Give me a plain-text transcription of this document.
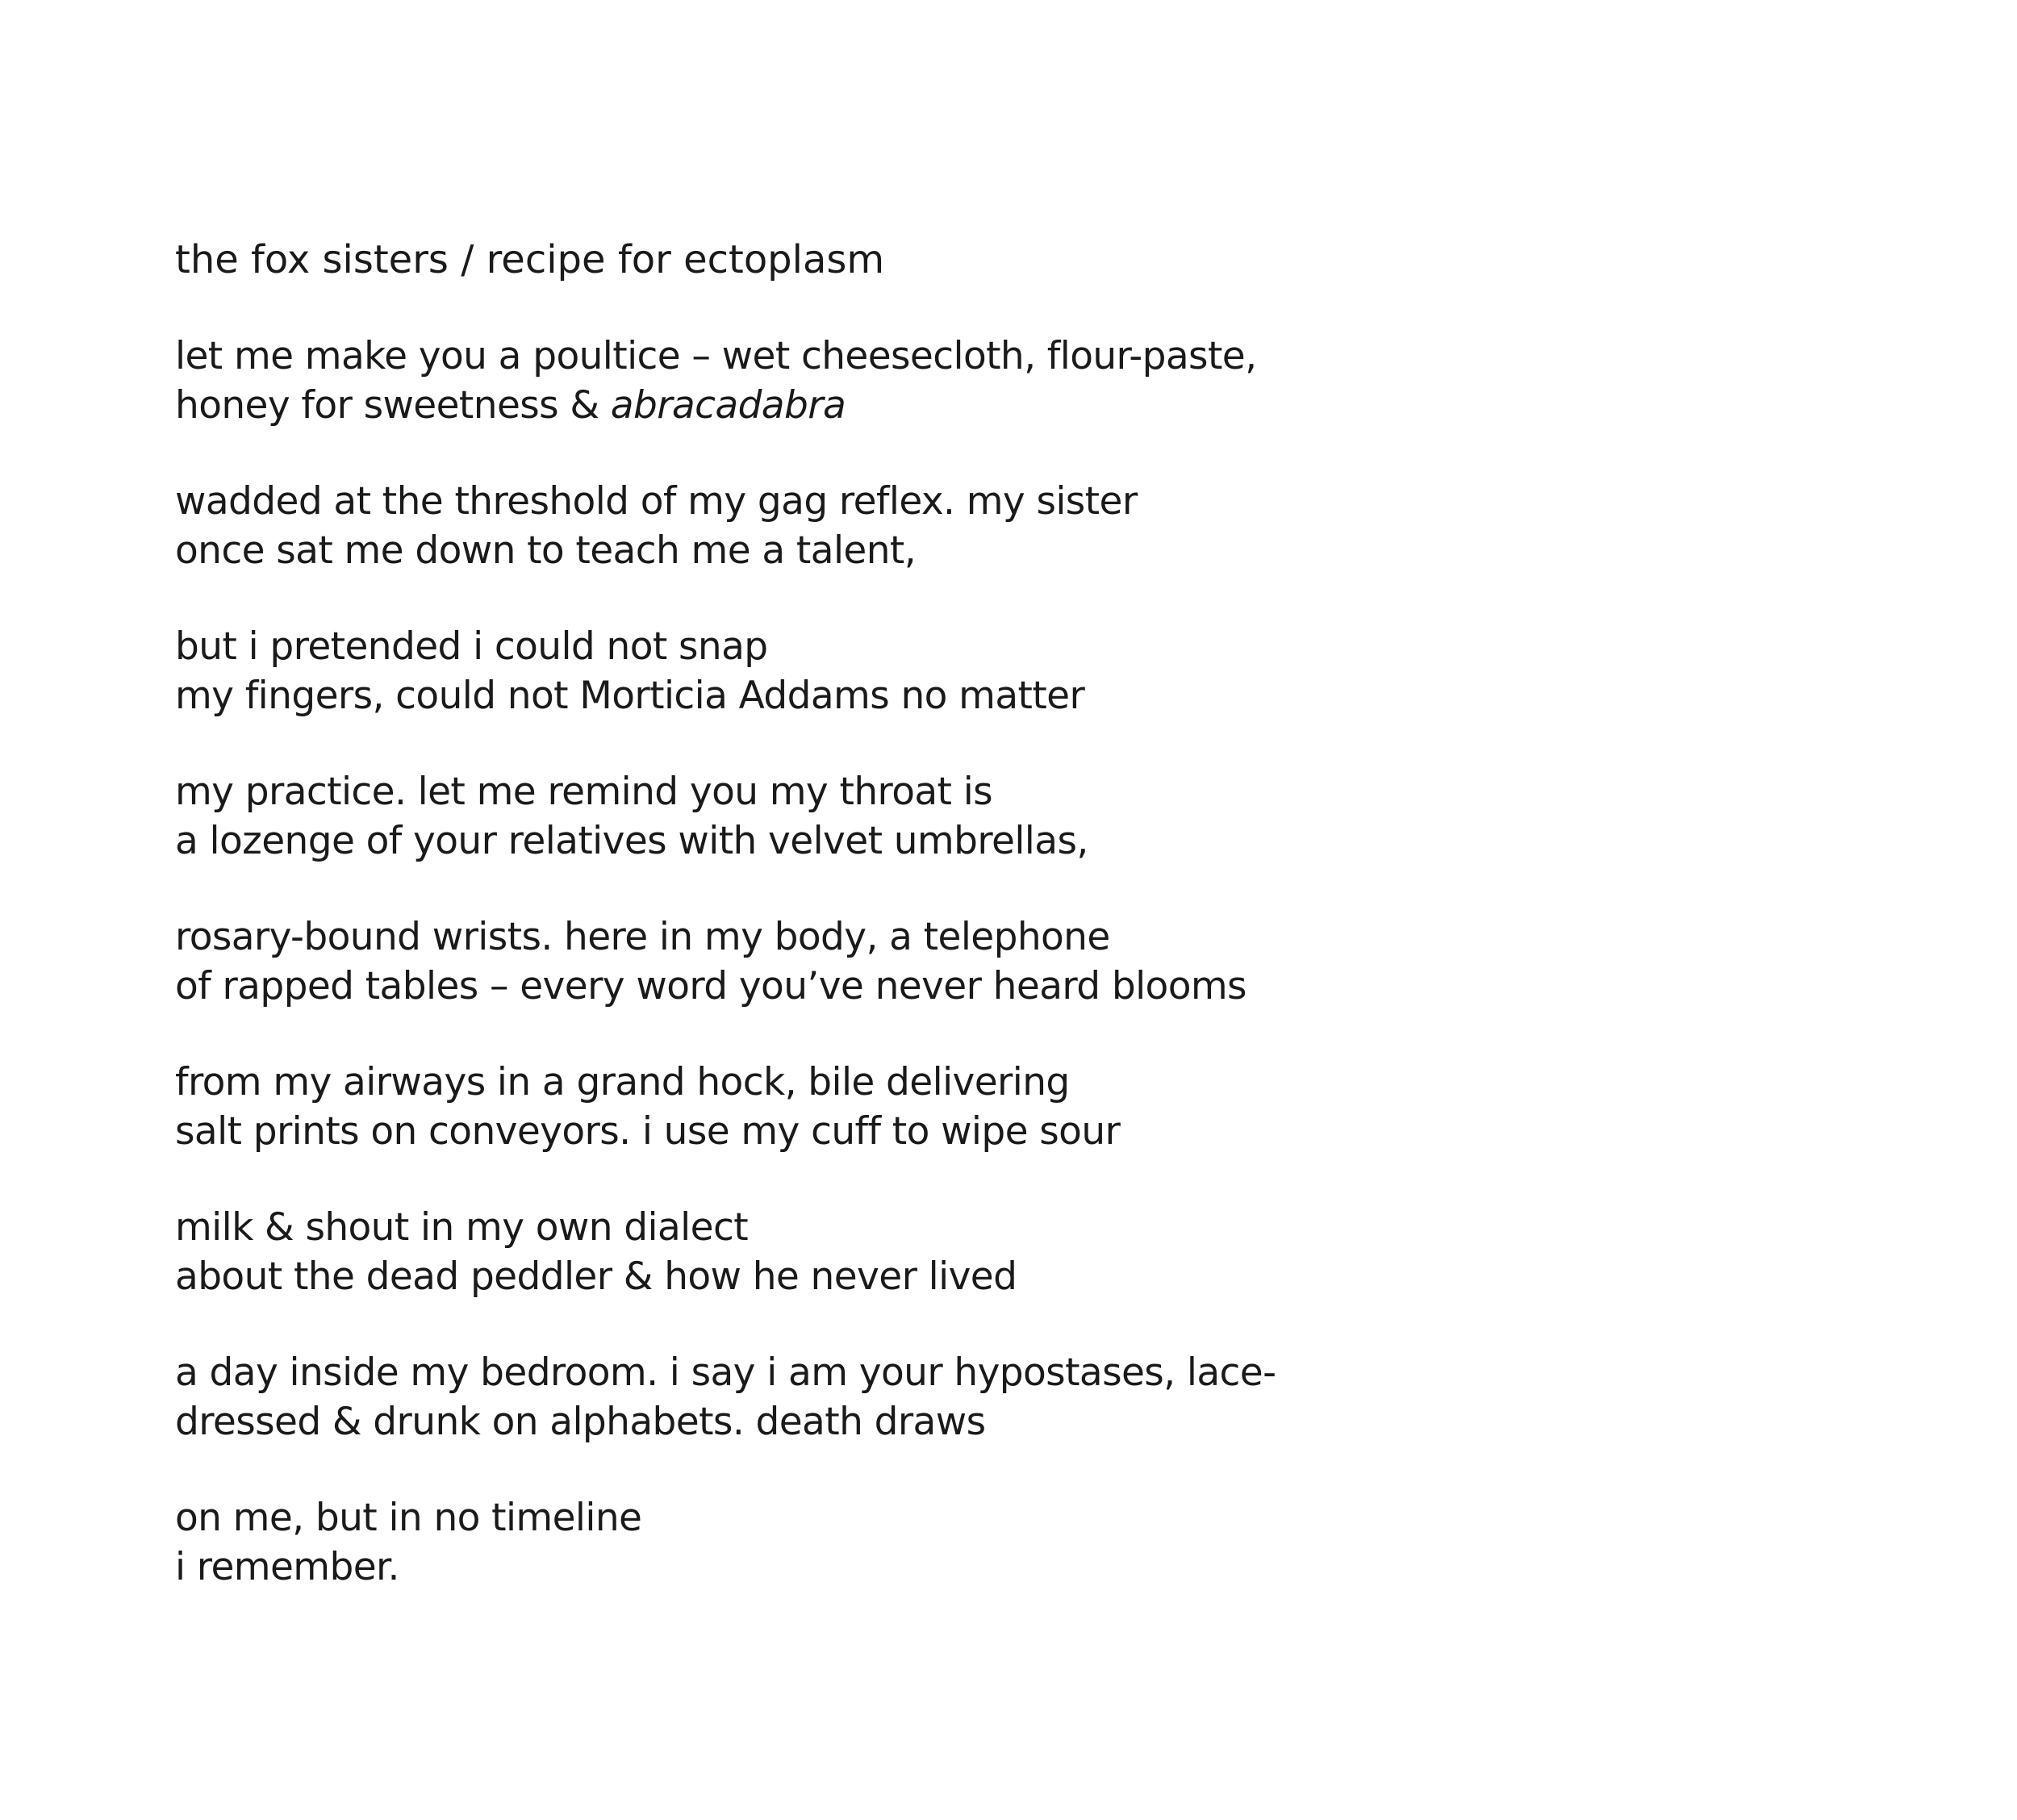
the fox sisters / recipe for ectoplasm
let me make you a poultice – wet cheesecloth, flour-paste,
honey for sweetness & abracadabra
wadded at the threshold of my gag reflex. my sister
once sat me down to teach me a talent,
but i pretended i could not snap
my fingers, could not Morticia Addams no matter
my practice. let me remind you my throat is
a lozenge of your relatives with velvet umbrellas,
rosary-bound wrists. here in my body, a telephone
of rapped tables – every word you’ve never heard blooms
from my airways in a grand hock, bile delivering
salt prints on conveyors. i use my cuff to wipe sour
milk & shout in my own dialect
about the dead peddler & how he never lived
a day inside my bedroom. i say i am your hypostases, lace-
dressed & drunk on alphabets. death draws
on me, but in no timeline
i remember.
